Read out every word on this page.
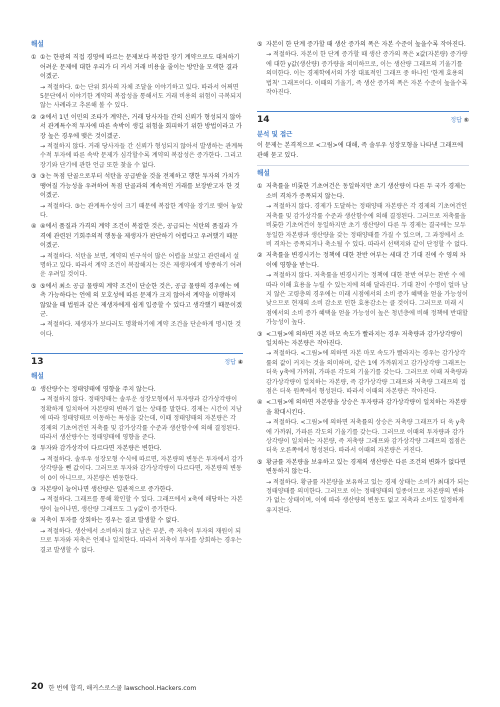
해설
① ①는 한광의 직접 경영에 따르는 문제보다 복잡한 장기 계약으로도 대처하기 어려운 문제에 대한 우리가 더 커서 거래 비용을 줄이는 방안을 모색한 결과이겠군.
→ 적절하다. ①는 단위 회사의 자체 조달을 이야기하고 있다. 따라서 어쩌면 5문단에서 이야기한 계약의 복잡성을 통해서도 거래 비용의 위험이 극복되지 않는 사례라고 추론해 볼 수 있다.
② ②에서 1년 이민의 조타가 계약은, 거래 당사자들 간의 신뢰가 형성되지 않아서 관계특수적 투자에 따른 속박이 생길 위험을 회피하기 위한 방법이라고 가장 높은 경우에 맺은 것이겠군.
→ 적절하지 않다. 거래 당사자들 간 신뢰가 형성되지 않아서 발생하는 관계특수적 투자에 따른 속박 문제가 심각할수록 계약의 복잡성은 증가한다. 그리고 장기와 단기에 관한 언급 또한 찾을 수 없다.
③ ③는 독점 단골으로부터 석탄을 공급받을 것을 전제하고 행한 투자의 가치가 땡여질 가능성을 우려하여 독점 단골과의 계속적인 거래를 보장받고자 한 것이겠군.
→ 적절하다. ③는 관계특수성이 크기 때문에 복잡한 계약을 장기로 맺어 놓았다.
④ ④에서 품질과 가격의 계약 조건이 복잡한 것은, 공급되는 석탄의 품질과 가격에 관련된 기회주의적 행동을 제생자가 판단하기 어렵다고 우려했기 때문이겠군.
→ 적절하다. 석탄을 보면, 계약의 빈구석이 많은 어렵을 보았고 관련해서 설명하고 있다. 따라서 계약 조건이 복잡해지는 것은 제생자에게 방종하기 어려운 우려일 것이다.
⑤ ⑤에서 최소 공급 물량의 계약 조건이 단순한 것은, 공급 물량의 경우에는 예측 가능하다는 언에 의 모호성에 따른 문제가 크지 않아서 계약을 이행하지 않았을 때 법원과 같은 제생자에게 쉽게 입증할 수 있다고 생각했기 때문이겠군.
→ 적절하다. 제생자가 보다러도 명확하기에 계약 조건을 단순하게 명시한 것이다.
13	정답 ④
해설
① 생산량수는 정태양태에 영향을 주지 않는다.
→ 적절하지 않다. 정태양태는 솔루운 성장모형에서 투자량과 감가상각량이 정확하게 일치하여 자본량의 변하기 없는 상태를 말한다. 경제는 시간이 지남에 따라 정태양태로 이동하는 특성을 갖는데, 이때 정태양태의 자본량은 각 경제의 기초여건인 저축률 및 감가상각률 수준과 생산함수에 의해 결정된다. 따라서 생산량수는 정태양태에 영향을 준다.
② 투자와 감가상각이 다르다면 자본량은 변한다.
→ 적절하다. 솔루우 성장모형 수식에 따르면, 자본량의 변동은 투자에서 감가상각량을 뺀 값이다. 그러므로 투자와 감가상각량이 다르다면, 자본량의 변동이 0이 아니므로, 자본량은 변동한다.
③ 자본량이 늘어나면 생산량은 일관적으로 증가한다.
→ 적절하다. 그래프를 통해 확인할 수 있다. 그래프에서 x축에 해당하는 자본량이 늘어나면, 생산량 그래프도 그 y값이 증가한다.
④ 저축이 투자를 상회하는 경우는 결코 발생할 수 없다.
→ 적절하다. 생산에서 소비하지 않고 남은 부분, 즉 저축이 투자의 재원이 되므로 투자와 저축은 언제나 일치한다. 따라서 저축이 투자를 상회하는 경우는 결코 발생할 수 없다.
⑤ 자본이 한 단계 증가할 때 생산 증가의 폭은 자본 수준이 높을수록 작아진다.
→ 적절하다. 자본이 한 단계 증가할 때 생산 증가의 폭은 x값(자본량) 증가량에 대한 y값(생산량) 증가량을 의미하므로, 이는 생산량 그래프의 기울기를 의미한다. 이는 경제학에서의 가장 대표적인 그래프 중 하나인 '한계 효용의 법칙' 그래프이다. 이때의 기울기, 즉 생산 증가의 폭은 자본 수준이 높을수록 작아진다.
14	정답 ⑤
분석 및 접근
이 문제는 본격적으로 <그림>에 대해, 즉 솔루우 성장모형을 나타낸 그래프에 관해 묻고 있다.
해설
① 저축률을 비롯한 기초여건은 동일하지만 초기 생산량이 다른 두 국가 경제는 소비 격차가 증폭되지 않는다.
→ 적절하지 않다. 경제가 도달하는 정태양태 자본량은 각 경제의 기초여건인 저축률 및 감가상각률 수준과 생산함수에 의해 결정된다. 그러므로 저축률을 비롯한 기초여건이 동일하지만 초기 생산량이 다른 두 경제는 결국에는 모두 동일한 자본량과 생산량을 갖는 정태양태를 가질 수 있으며, 그 과정에서 소비 격차는 증폭되거나 축소될 수 있다. 따라서 선택지와 같이 단정할 수 없다.
② 저축률을 변경시키는 정책에 대한 찬반 여부는 세대 간 기대 진에 수 영의 차이에 영향을 받는다.
→ 적절하지 않다. 저축률을 변경시키는 정책에 대한 찬반 여부는 찬반 수 에 따라 이해 효용을 누릴 수 있는지에 의해 달라진다. 기대 찬이 수명이 얼마 남지 않은 고령층의 경우에는 미래 시점에서의 소비 증가 혜택을 얻을 가능성이 낮으므로 현재의 소비 감소로 인한 효용감소는 클 것이다. 그러므로 미래 시점에서의 소비 증가 혜택을 얻을 가능성이 높은 청년층에 비해 정책에 반대할 가능성이 높다.
③ <그림>에 의하면 자본 마모 속도가 빨라지는 경우 저축량과 감가상각량이 일치하는 자본량은 작아진다.
→ 적절하다. <그림>에 의하면 자본 마모 속도가 빨라지는 경우는 감가상각률의 값이 커지는 것을 의미하며, 같은 1에 가까워지고 감가상각량 그래프는 더욱 y축에 가까워, 가파른 각도의 기울기를 갖는다. 그러므로 이때 저축량과 감가상각량이 일치하는 자본량, 즉 감가상각량 그래프와 저축량 그래프의 접점은 더욱 원쪽에서 형성된다. 따라서 이때의 자본량은 작아진다.
④ <그림>에 의하면 자본량을 상승은 투자량과 감가상각량이 일치하는 자본량을 확대시킨다.
→ 적절하다. <그림>에 의하면 저축률의 상승은 저축량 그래프가 더 욱 y축에 가까워, 가파른 각도의 기울기를 갖는다. 그러므로 이때의 투자량과 감가상각량이 일치하는 자본량, 즉 저축량 그래프와 감가상각량 그래프의 접점은 더욱 오른쪽에서 형성된다. 따라서 이때의 자본량은 커진다.
⑤ 황금률 자본량을 보유하고 있는 경제의 생산량은 다른 조건의 변화가 없다면 변동하지 않는다.
→ 적절하다. 황금률 자본량을 보유하고 있는 경제 상태는 소비가 최대가 되는 정태양태를 의미한다. 그러므로 이는 정태양태의 일종이므로 자본량의 변하가 없는 상태이며, 이에 따라 생산량의 변동도 없고 저축과 소비도 일정하게 유지된다.
20 한 번에 합격, 해커스로스쿨 lawschool.Hackers.com
